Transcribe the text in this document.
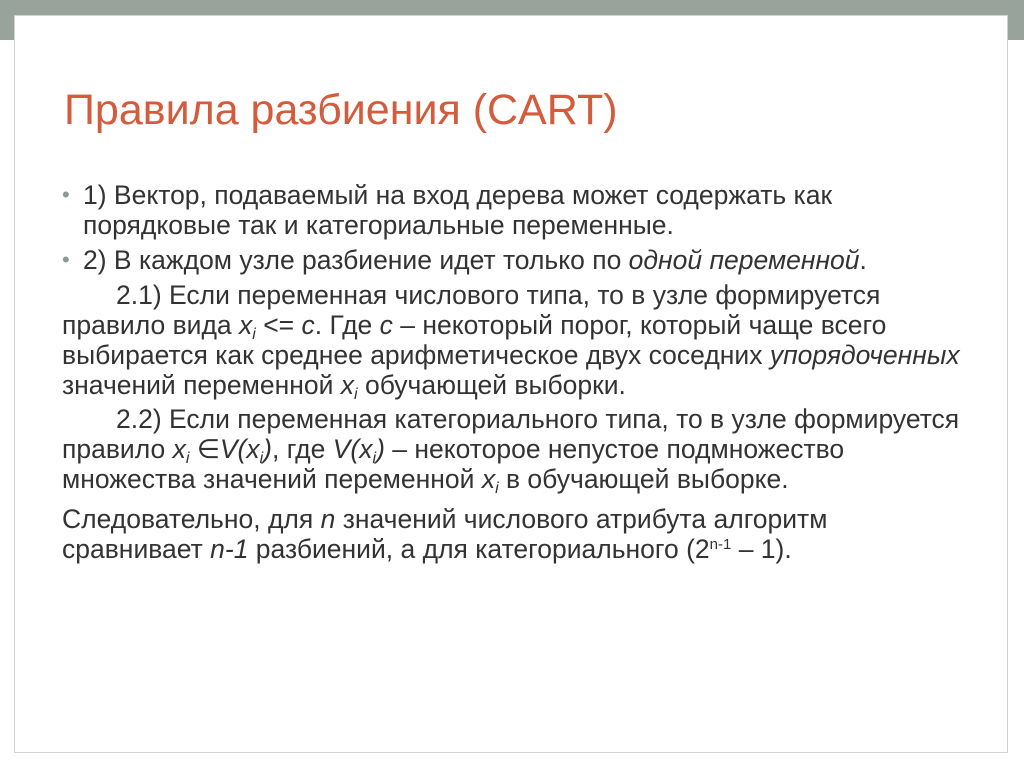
Правила разбиения (CART)
• 1) Вектор, подаваемый на вход дерева может содержать как порядковые так и категориальные переменные.
• 2) В каждом узле разбиение идет только по одной переменной.

2.1) Если переменная числового типа, то в узле формируется правило вида $x_i <= c$. Где c – некоторый порог, который чаще всего выбирается как среднее арифметическое двух соседних упорядоченных значений переменной $x_i$ обучающей выборки.

2.2) Если переменная категориального типа, то в узле формируется правило $x_i$ $\in V(x_i)$, где $V(x_i)$ – некоторое непустое подмножество множества значений переменной $x_i$ в обучающей выборке.

Следовательно, для n значений числового атрибута алгоритм сравнивает n-1 разбиений, а для категориального (2$^{n-1}$ – 1).
